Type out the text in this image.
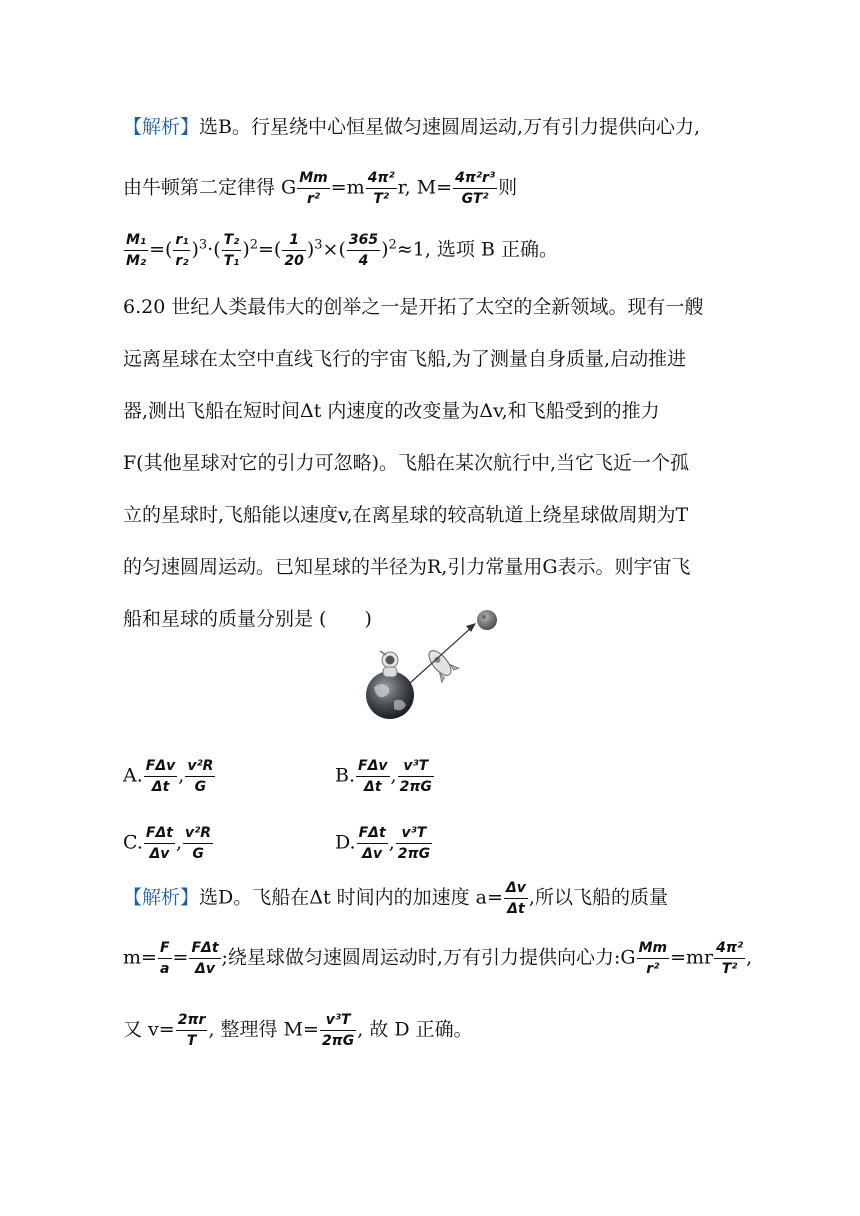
【解析】选B。行星绕中心恒星做匀速圆周运动,万有引力提供向心力,
由牛顿第二定律得 G $\frac{Mm}{\text{r²}} =m \frac{\text{4π²}}{\text{T²}} r$, $M= \frac{\text{4π²r³}}{\text{GT²}}$ 则
$\frac{\text{M₁}}{\text{M₂}}$ =( $\frac{\text{r₁}}{\text{r₂}} )^3\cdot( \frac{\text{T₂}}{\text{T₁}} )^2=( \frac{1}{20} )^3\times( \frac{365}{4} )^2\approx 1$, 选项 B 正确。
6.20 世纪人类最伟大的创举之一是开拓了太空的全新领域。现有一艘
远离星球在太空中直线飞行的宇宙飞船,为了测量自身质量,启动推进
器,测出飞船在短时间Δt 内速度的改变量为Δv,和飞船受到的推力
F(其他星球对它的引力可忽略)。飞船在某次航行中,当它飞近一个孤
立的星球时,飞船能以速度v,在离星球的较高轨道上绕星球做周期为T
的匀速圆周运动。已知星球的半径为R,引力常量用G表示。则宇宙飞
船和星球的质量分别是 (　　)
A. $\frac{\text{FΔv}}{\Delta t}$ , $\frac{\text{v²R}}{G}$	B. $\frac{\text{FΔv}}{\Delta t}$ , $\frac{\text{v³T}}{2\pi G}$
C. $\frac{\text{FΔt}}{\Delta v}$ , $\frac{\text{v²R}}{G}$	D. $\frac{\text{FΔt}}{\Delta v}$ , $\frac{\text{v³T}}{2\pi G}$
【解析】选D。飞船在Δt 时间内的加速度 $a= \frac{\Delta v}{\Delta t}$ ,所以飞船的质量
$m= \frac{F}{a} = \frac{\text{FΔt}}{\Delta v}$ ;绕星球做匀速圆周运动时,万有引力提供向心力:G $\frac{Mm}{\text{r²}} =mr \frac{\text{4π²}}{\text{T²}}$ ,
又 $v= \frac{2\pi r}{T}$ , 整理得 $M= \frac{\text{v³T}}{2\pi G}$ , 故 D 正确。
